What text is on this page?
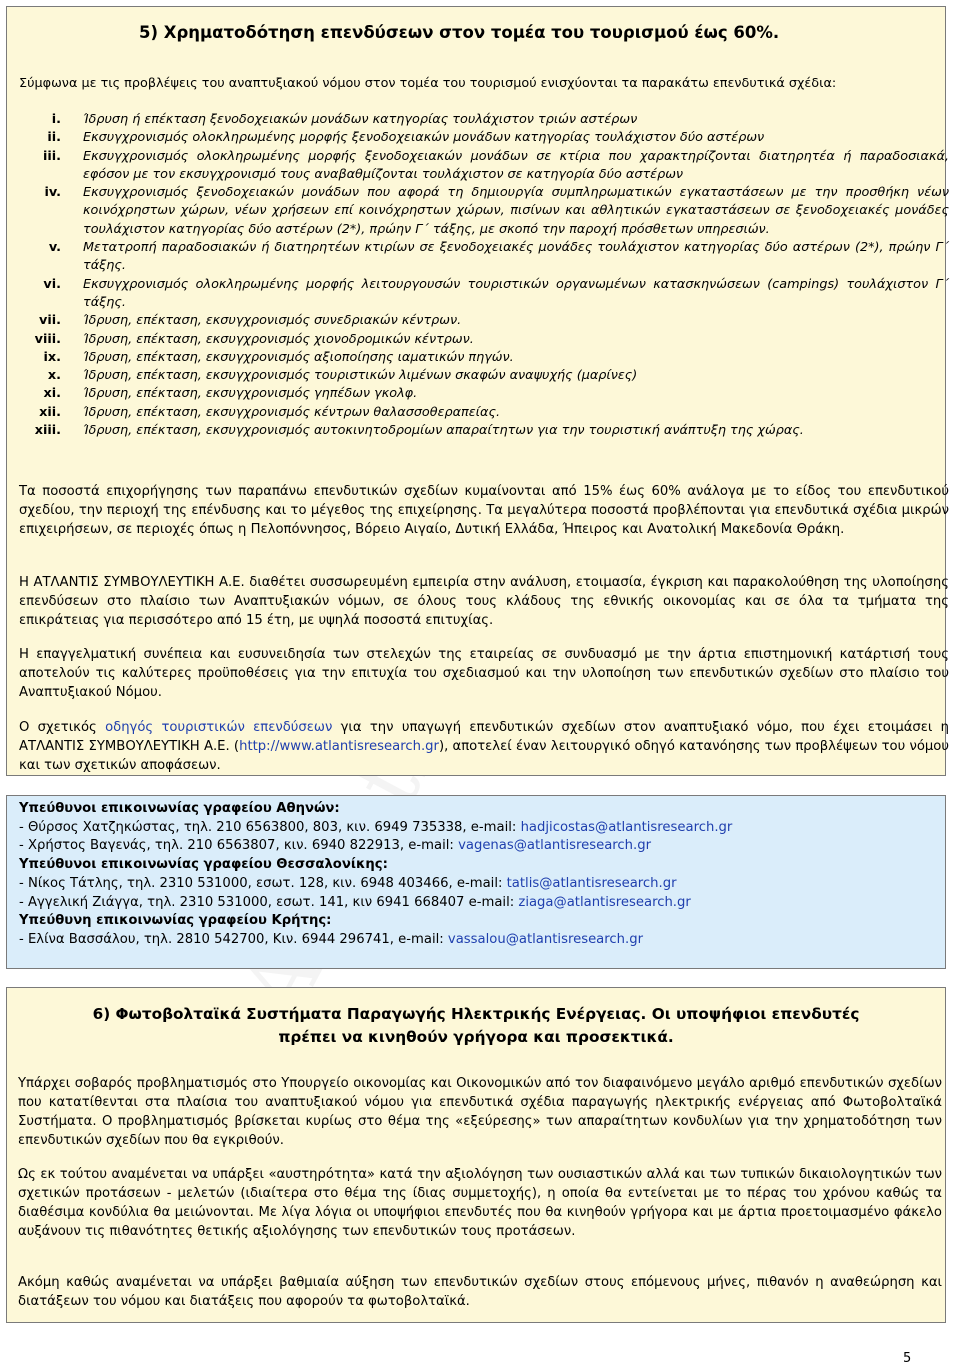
5) Χρηματοδότηση επενδύσεων στον τομέα του τουρισμού έως 60%.
Σύμφωνα με τις προβλέψεις του αναπτυξιακού νόμου στον τομέα του τουρισμού ενισχύονται τα παρακάτω επενδυτικά σχέδια:
i. Ίδρυση ή επέκταση ξενοδοχειακών μονάδων κατηγορίας τουλάχιστον τριών αστέρων
ii. Εκσυγχρονισμός ολοκληρωμένης μορφής ξενοδοχειακών μονάδων κατηγορίας τουλάχιστον δύο αστέρων
iii. Εκσυγχρονισμός ολοκληρωμένης μορφής ξενοδοχειακών μονάδων σε κτίρια που χαρακτηρίζονται διατηρητέα ή παραδοσιακά, εφόσον με τον εκσυγχρονισμό τους αναβαθμίζονται τουλάχιστον σε κατηγορία δύο αστέρων
iv. Εκσυγχρονισμός ξενοδοχειακών μονάδων που αφορά τη δημιουργία συμπληρωματικών εγκαταστάσεων με την προσθήκη νέων κοινόχρηστων χώρων, νέων χρήσεων επί κοινόχρηστων χώρων, πισίνων και αθλητικών εγκαταστάσεων σε ξενοδοχειακές μονάδες τουλάχιστον κατηγορίας δύο αστέρων (2*), πρώην Γ΄ τάξης, με σκοπό την παροχή πρόσθετων υπηρεσιών.
v. Μετατροπή παραδοσιακών ή διατηρητέων κτιρίων σε ξενοδοχειακές μονάδες τουλάχιστον κατηγορίας δύο αστέρων (2*), πρώην Γ΄ τάξης.
vi. Εκσυγχρονισμός ολοκληρωμένης μορφής λειτουργουσών τουριστικών οργανωμένων κατασκηνώσεων (campings) τουλάχιστον Γ΄ τάξης.
vii. Ίδρυση, επέκταση, εκσυγχρονισμός συνεδριακών κέντρων.
viii. Ίδρυση, επέκταση, εκσυγχρονισμός χιονοδρομικών κέντρων.
ix. Ίδρυση, επέκταση, εκσυγχρονισμός αξιοποίησης ιαματικών πηγών.
x. Ίδρυση, επέκταση, εκσυγχρονισμός τουριστικών λιμένων σκαφών αναψυχής (μαρίνες)
xi. Ίδρυση, επέκταση, εκσυγχρονισμός γηπέδων γκολφ.
xii. Ίδρυση, επέκταση, εκσυγχρονισμός κέντρων θαλασσοθεραπείας.
xiii. Ίδρυση, επέκταση, εκσυγχρονισμός αυτοκινητοδρομίων απαραίτητων για την τουριστική ανάπτυξη της χώρας.

Τα ποσοστά επιχορήγησης των παραπάνω επενδυτικών σχεδίων κυμαίνονται από 15% έως 60% ανάλογα με το είδος του επενδυτικού σχεδίου, την περιοχή της επένδυσης και το μέγεθος της επιχείρησης. Τα μεγαλύτερα ποσοστά προβλέπονται για επενδυτικά σχέδια μικρών επιχειρήσεων, σε περιοχές όπως η Πελοπόννησος, Βόρειο Αιγαίο, Δυτική Ελλάδα, Ήπειρος και Ανατολική Μακεδονία Θράκη.

Η ΑΤΛΑΝΤΙΣ ΣΥΜΒΟΥΛΕΥΤΙΚΗ Α.Ε. διαθέτει συσσωρευμένη εμπειρία στην ανάλυση, ετοιμασία, έγκριση και παρακολούθηση της υλοποίησης επενδύσεων στο πλαίσιο των Αναπτυξιακών νόμων, σε όλους τους κλάδους της εθνικής οικονομίας και σε όλα τα τμήματα της επικράτειας για περισσότερο από 15 έτη, με υψηλά ποσοστά επιτυχίας.

Η επαγγελματική συνέπεια και ευσυνειδησία των στελεχών της εταιρείας σε συνδυασμό με την άρτια επιστημονική κατάρτισή τους αποτελούν τις καλύτερες προϋποθέσεις για την επιτυχία του σχεδιασμού και την υλοποίηση των επενδυτικών σχεδίων στο πλαίσιο του Αναπτυξιακού Νόμου.

Ο σχετικός οδηγός τουριστικών επενδύσεων για την υπαγωγή επενδυτικών σχεδίων στον αναπτυξιακό νόμο, που έχει ετοιμάσει η ΑΤΛΑΝΤΙΣ ΣΥΜΒΟΥΛΕΥΤΙΚΗ Α.Ε. (http://www.atlantisresearch.gr), αποτελεί έναν λειτουργικό οδηγό κατανόησης των προβλέψεων του νόμου και των σχετικών αποφάσεων.

Υπεύθυνοι επικοινωνίας γραφείου Αθηνών:
- Θύρσος Χατζηκώστας, τηλ. 210 6563800, 803, κιν. 6949 735338, e-mail: hadjicostas@atlantisresearch.gr
- Χρήστος Βαγενάς, τηλ. 210 6563807, κιν. 6940 822913, e-mail: vagenas@atlantisresearch.gr
Υπεύθυνοι επικοινωνίας γραφείου Θεσσαλονίκης:
- Νίκος Τάτλης, τηλ. 2310 531000, εσωτ. 128, κιν. 6948 403466, e-mail: tatlis@atlantisresearch.gr
- Αγγελική Ζιάγγα, τηλ. 2310 531000, εσωτ. 141, κιν 6941 668407 e-mail: ziaga@atlantisresearch.gr
Υπεύθυνη επικοινωνίας γραφείου Κρήτης:
- Ελίνα Βασσάλου, τηλ. 2810 542700, Κιν. 6944 296741, e-mail: vassalou@atlantisresearch.gr
6) Φωτοβολταϊκά Συστήματα Παραγωγής Ηλεκτρικής Ενέργειας. Οι υποψήφιοι επενδυτές
πρέπει να κινηθούν γρήγορα και προσεκτικά.

Υπάρχει σοβαρός προβληματισμός στο Υπουργείο οικονομίας και Οικονομικών από τον διαφαινόμενο μεγάλο αριθμό επενδυτικών σχεδίων που κατατίθενται στα πλαίσια του αναπτυξιακού νόμου για επενδυτικά σχέδια παραγωγής ηλεκτρικής ενέργειας από Φωτοβολταϊκά Συστήματα. Ο προβληματισμός βρίσκεται κυρίως στο θέμα της «εξεύρεσης» των απαραίτητων κονδυλίων για την χρηματοδότηση των επενδυτικών σχεδίων που θα εγκριθούν.

Ως εκ τούτου αναμένεται να υπάρξει «αυστηρότητα» κατά την αξιολόγηση των ουσιαστικών αλλά και των τυπικών δικαιολογητικών των σχετικών προτάσεων - μελετών (ιδιαίτερα στο θέμα της ίδιας συμμετοχής), η οποία θα εντείνεται με το πέρας του χρόνου καθώς τα διαθέσιμα κονδύλια θα μειώνονται. Με λίγα λόγια οι υποψήφιοι επενδυτές που θα κινηθούν γρήγορα και με άρτια προετοιμασμένο φάκελο αυξάνουν τις πιθανότητες θετικής αξιολόγησης των επενδυτικών τους προτάσεων.

Ακόμη καθώς αναμένεται να υπάρξει βαθμιαία αύξηση των επενδυτικών σχεδίων στους επόμενους μήνες, πιθανόν η αναθεώρηση και διατάξεων του νόμου και διατάξεις που αφορούν τα φωτοβολταϊκά.

5
